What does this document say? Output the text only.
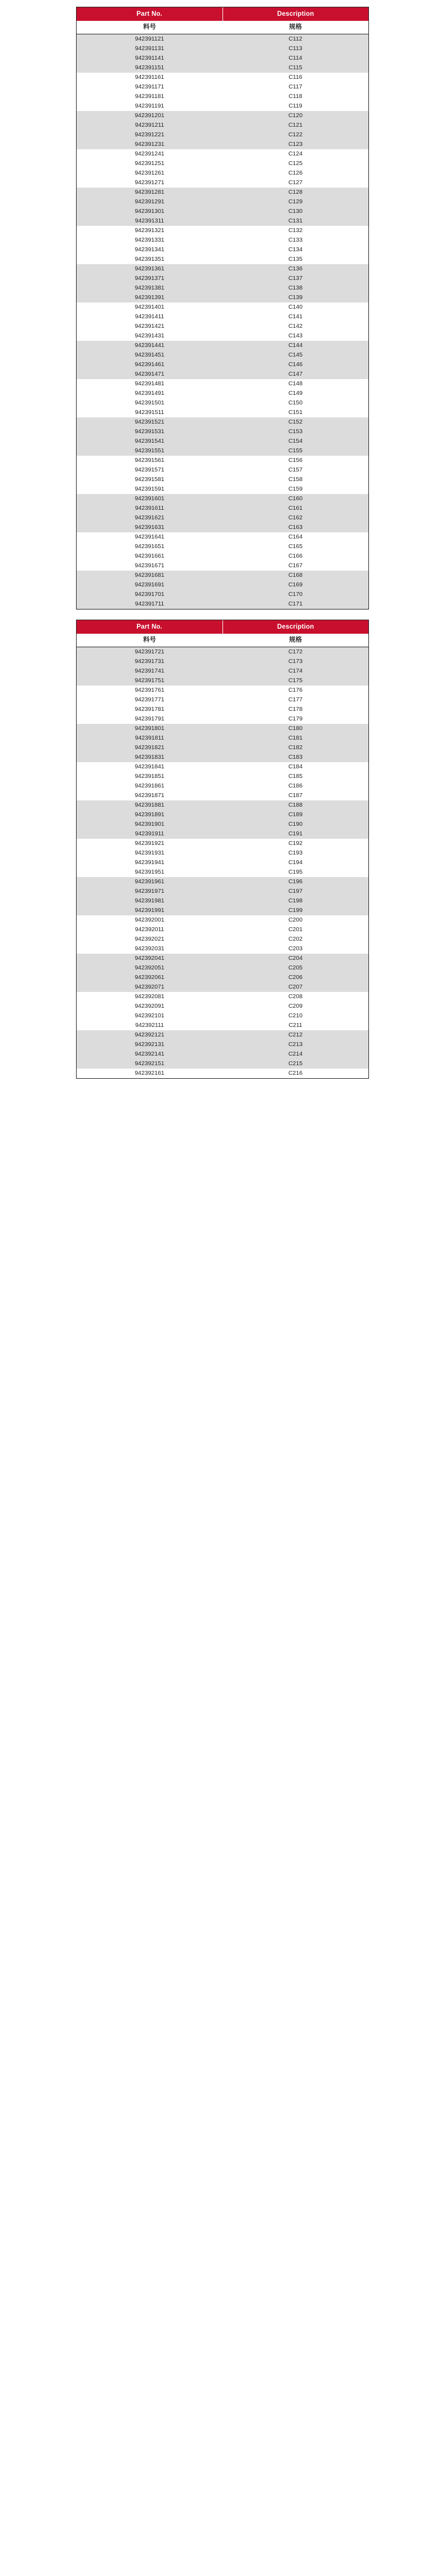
Part No.	Description
料号	规格
942391121	C112
942391131	C113
942391141	C114
942391151	C115
942391161	C116
942391171	C117
942391181	C118
942391191	C119
942391201	C120
942391211	C121
942391221	C122
942391231	C123
942391241	C124
942391251	C125
942391261	C126
942391271	C127
942391281	C128
942391291	C129
942391301	C130
942391311	C131
942391321	C132
942391331	C133
942391341	C134
942391351	C135
942391361	C136
942391371	C137
942391381	C138
942391391	C139
942391401	C140
942391411	C141
942391421	C142
942391431	C143
942391441	C144
942391451	C145
942391461	C146
942391471	C147
942391481	C148
942391491	C149
942391501	C150
942391511	C151
942391521	C152
942391531	C153
942391541	C154
942391551	C155
942391561	C156
942391571	C157
942391581	C158
942391591	C159
942391601	C160
942391611	C161
942391621	C162
942391631	C163
942391641	C164
942391651	C165
942391661	C166
942391671	C167
942391681	C168
942391691	C169
942391701	C170
942391711	C171
Part No.	Description
料号	规格
942391721	C172
942391731	C173
942391741	C174
942391751	C175
942391761	C176
942391771	C177
942391781	C178
942391791	C179
942391801	C180
942391811	C181
942391821	C182
942391831	C183
942391841	C184
942391851	C185
942391861	C186
942391871	C187
942391881	C188
942391891	C189
942391901	C190
942391911	C191
942391921	C192
942391931	C193
942391941	C194
942391951	C195
942391961	C196
942391971	C197
942391981	C198
942391991	C199
942392001	C200
942392011	C201
942392021	C202
942392031	C203
942392041	C204
942392051	C205
942392061	C206
942392071	C207
942392081	C208
942392091	C209
942392101	C210
942392111	C211
942392121	C212
942392131	C213
942392141	C214
942392151	C215
942392161	C216
